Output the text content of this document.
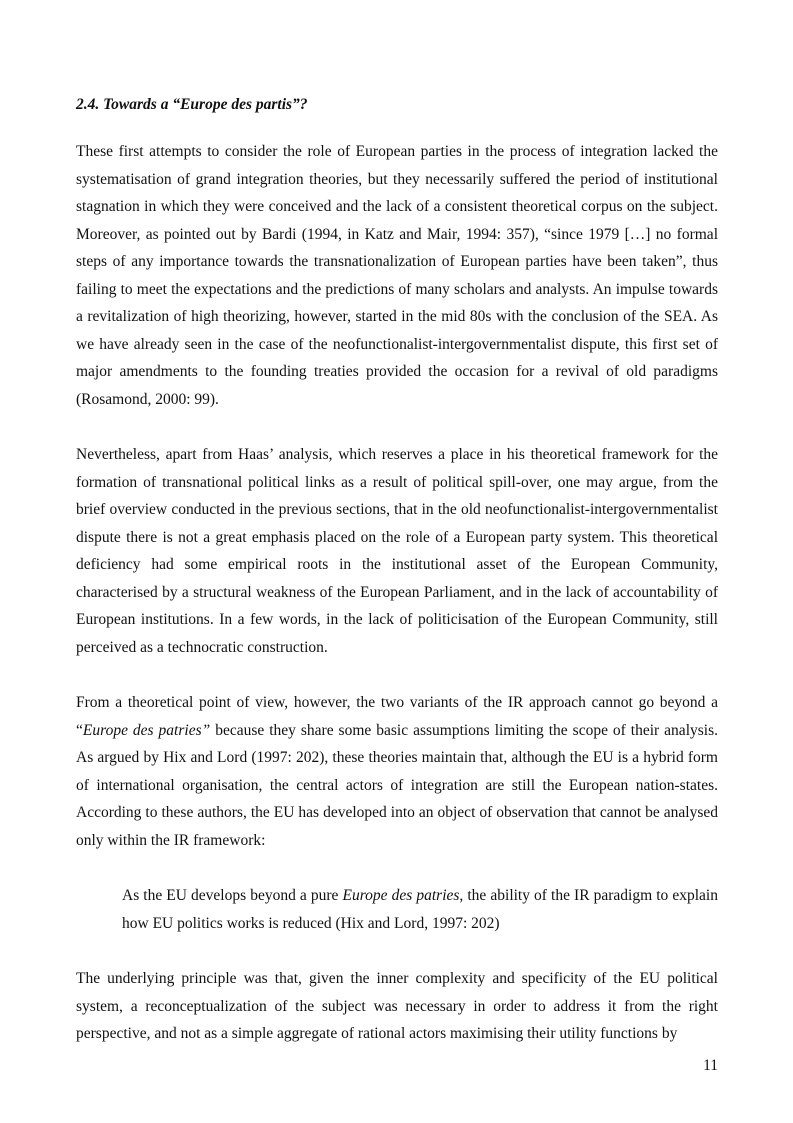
2.4. Towards a “Europe des partis”?

These first attempts to consider the role of European parties in the process of integration lacked the systematisation of grand integration theories, but they necessarily suffered the period of institutional stagnation in which they were conceived and the lack of a consistent theoretical corpus on the subject. Moreover, as pointed out by Bardi (1994, in Katz and Mair, 1994: 357), “since 1979 […] no formal steps of any importance towards the transnationalization of European parties have been taken”, thus failing to meet the expectations and the predictions of many scholars and analysts. An impulse towards a revitalization of high theorizing, however, started in the mid 80s with the conclusion of the SEA. As we have already seen in the case of the neofunctionalist-intergovernmentalist dispute, this first set of major amendments to the founding treaties provided the occasion for a revival of old paradigms (Rosamond, 2000: 99).

Nevertheless, apart from Haas’ analysis, which reserves a place in his theoretical framework for the formation of transnational political links as a result of political spill-over, one may argue, from the brief overview conducted in the previous sections, that in the old neofunctionalist-intergovernmentalist dispute there is not a great emphasis placed on the role of a European party system. This theoretical deficiency had some empirical roots in the institutional asset of the European Community, characterised by a structural weakness of the European Parliament, and in the lack of accountability of European institutions. In a few words, in the lack of politicisation of the European Community, still perceived as a technocratic construction.

From a theoretical point of view, however, the two variants of the IR approach cannot go beyond a “Europe des patries” because they share some basic assumptions limiting the scope of their analysis. As argued by Hix and Lord (1997: 202), these theories maintain that, although the EU is a hybrid form of international organisation, the central actors of integration are still the European nation-states. According to these authors, the EU has developed into an object of observation that cannot be analysed only within the IR framework:

As the EU develops beyond a pure Europe des patries, the ability of the IR paradigm to explain how EU politics works is reduced (Hix and Lord, 1997: 202)

The underlying principle was that, given the inner complexity and specificity of the EU political system, a reconceptualization of the subject was necessary in order to address it from the right perspective, and not as a simple aggregate of rational actors maximising their utility functions by

11
